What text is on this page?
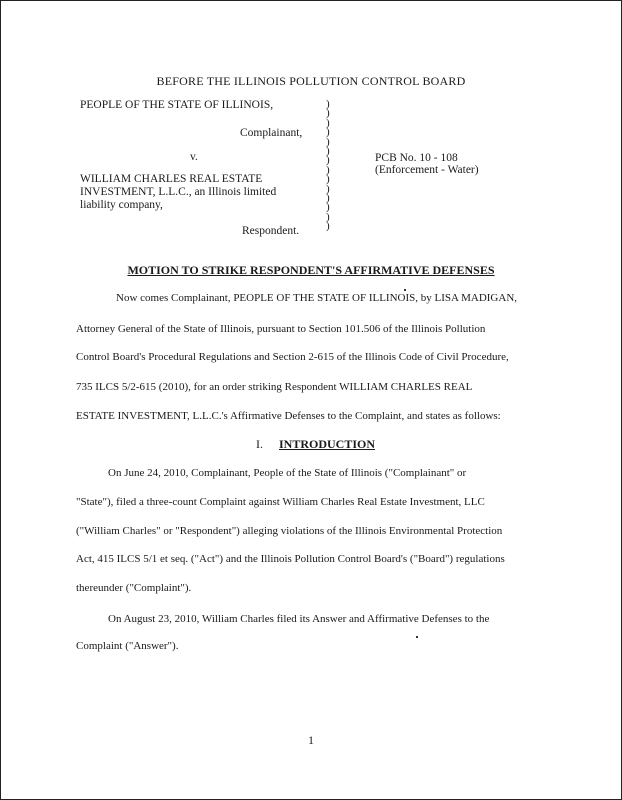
BEFORE THE ILLINOIS POLLUTION CONTROL BOARD
PEOPLE OF THE STATE OF ILLINOIS,
Complainant,
v.
WILLIAM CHARLES REAL ESTATE
INVESTMENT, L.L.C., an Illinois limited
liability company,
Respondent.
)
)
)
)
)
)
)
)
)
)
)
)
)
)
PCB No. 10 - 108
(Enforcement - Water)
MOTION TO STRIKE RESPONDENT'S AFFIRMATIVE DEFENSES
Now comes Complainant, PEOPLE OF THE STATE OF ILLINOIS, by LISA MADIGAN,
Attorney General of the State of Illinois, pursuant to Section 101.506 of the Illinois Pollution
Control Board's Procedural Regulations and Section 2-615 of the Illinois Code of Civil Procedure,
735 ILCS 5/2-615 (2010), for an order striking Respondent WILLIAM CHARLES REAL
ESTATE INVESTMENT, L.L.C.'s Affirmative Defenses to the Complaint, and states as follows:
I. INTRODUCTION
On June 24, 2010, Complainant, People of the State of Illinois ("Complainant" or
"State"), filed a three-count Complaint against William Charles Real Estate Investment, LLC
("William Charles" or "Respondent") alleging violations of the Illinois Environmental Protection
Act, 415 ILCS 5/1 et seq. ("Act") and the Illinois Pollution Control Board's ("Board") regulations
thereunder ("Complaint").
On August 23, 2010, William Charles filed its Answer and Affirmative Defenses to the
Complaint ("Answer").
1
